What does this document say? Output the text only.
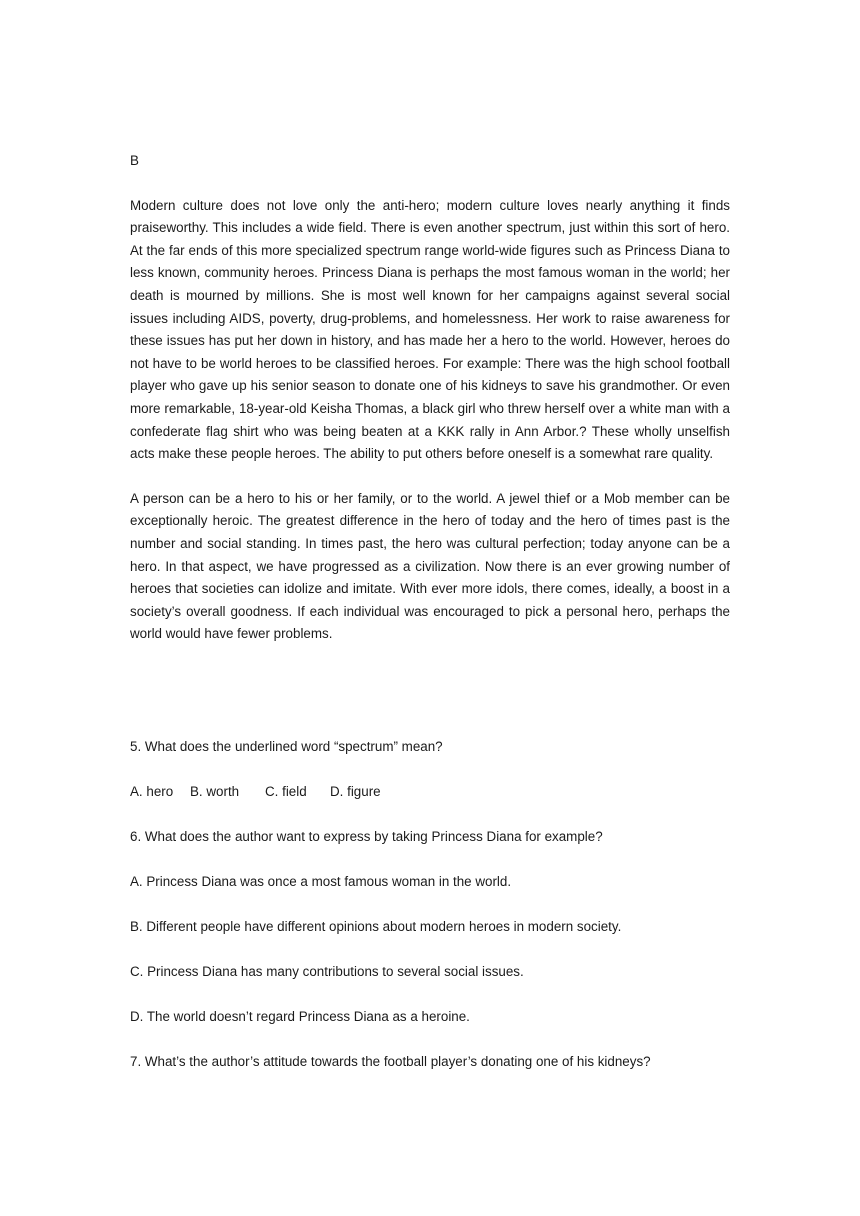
B

Modern culture does not love only the anti-hero; modern culture loves nearly anything it finds praiseworthy. This includes a wide field. There is even another spectrum, just within this sort of hero. At the far ends of this more specialized spectrum range world-wide figures such as Princess Diana to less known, community heroes. Princess Diana is perhaps the most famous woman in the world; her death is mourned by millions. She is most well known for her campaigns against several social issues including AIDS, poverty, drug-problems, and homelessness. Her work to raise awareness for these issues has put her down in history, and has made her a hero to the world. However, heroes do not have to be world heroes to be classified heroes. For example: There was the high school football player who gave up his senior season to donate one of his kidneys to save his grandmother. Or even more remarkable, 18-year-old Keisha Thomas, a black girl who threw herself over a white man with a confederate flag shirt who was being beaten at a KKK rally in Ann Arbor.? These wholly unselfish acts make these people heroes. The ability to put others before oneself is a somewhat rare quality.

A person can be a hero to his or her family, or to the world. A jewel thief or a Mob member can be exceptionally heroic. The greatest difference in the hero of today and the hero of times past is the number and social standing. In times past, the hero was cultural perfection; today anyone can be a hero. In that aspect, we have progressed as a civilization. Now there is an ever growing number of heroes that societies can idolize and imitate. With ever more idols, there comes, ideally, a boost in a society’s overall goodness. If each individual was encouraged to pick a personal hero, perhaps the world would have fewer problems.

5. What does the underlined word “spectrum” mean?
A. hero B. worth C. field D. figure
6. What does the author want to express by taking Princess Diana for example?
A. Princess Diana was once a most famous woman in the world.
B. Different people have different opinions about modern heroes in modern society.
C. Princess Diana has many contributions to several social issues.
D. The world doesn’t regard Princess Diana as a heroine.
7. What’s the author’s attitude towards the football player’s donating one of his kidneys?
